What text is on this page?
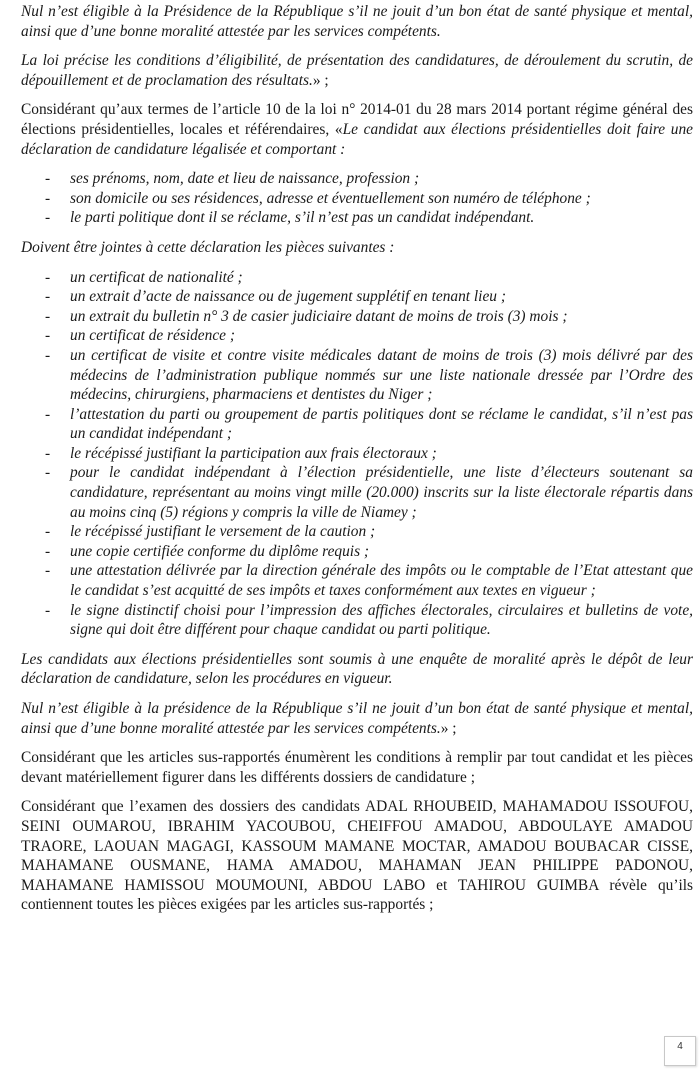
Nul n’est éligible à la Présidence de la République s’il ne jouit d’un bon état de santé physique et mental, ainsi que d’une bonne moralité attestée par les services compétents.

La loi précise les conditions d’éligibilité, de présentation des candidatures, de déroulement du scrutin, de dépouillement et de proclamation des résultats.» ;

Considérant qu’aux termes de l’article 10 de la loi n° 2014-01 du 28 mars 2014 portant régime général des élections présidentielles, locales et référendaires, «Le candidat aux élections présidentielles doit faire une déclaration de candidature légalisée et comportant :

- ses prénoms, nom, date et lieu de naissance, profession ;
- son domicile ou ses résidences, adresse et éventuellement son numéro de téléphone ;
- le parti politique dont il se réclame, s’il n’est pas un candidat indépendant.

Doivent être jointes à cette déclaration les pièces suivantes :

- un certificat de nationalité ;
- un extrait d’acte de naissance ou de jugement supplétif en tenant lieu ;
- un extrait du bulletin n° 3 de casier judiciaire datant de moins de trois (3) mois ;
- un certificat de résidence ;
- un certificat de visite et contre visite médicales datant de moins de trois (3) mois délivré par des médecins de l’administration publique nommés sur une liste nationale dressée par l’Ordre des médecins, chirurgiens, pharmaciens et dentistes du Niger ;
- l’attestation du parti ou groupement de partis politiques dont se réclame le candidat, s’il n’est pas un candidat indépendant ;
- le récépissé justifiant la participation aux frais électoraux ;
- pour le candidat indépendant à l’élection présidentielle, une liste d’électeurs soutenant sa candidature, représentant au moins vingt mille (20.000) inscrits sur la liste électorale répartis dans au moins cinq (5) régions y compris la ville de Niamey ;
- le récépissé justifiant le versement de la caution ;
- une copie certifiée conforme du diplôme requis ;
- une attestation délivrée par la direction générale des impôts ou le comptable de l’Etat attestant que le candidat s’est acquitté de ses impôts et taxes conformément aux textes en vigueur ;
- le signe distinctif choisi pour l’impression des affiches électorales, circulaires et bulletins de vote, signe qui doit être différent pour chaque candidat ou parti politique.

Les candidats aux élections présidentielles sont soumis à une enquête de moralité après le dépôt de leur déclaration de candidature, selon les procédures en vigueur.

Nul n’est éligible à la présidence de la République s’il ne jouit d’un bon état de santé physique et mental, ainsi que d’une bonne moralité attestée par les services compétents.» ;

Considérant que les articles sus-rapportés énumèrent les conditions à remplir par tout candidat et les pièces devant matériellement figurer dans les différents dossiers de candidature ;

Considérant que l’examen des dossiers des candidats ADAL RHOUBEID, MAHAMADOU ISSOUFOU, SEINI OUMAROU, IBRAHIM YACOUBOU, CHEIFFOU AMADOU, ABDOULAYE AMADOU TRAORE, LAOUAN MAGAGI, KASSOUM MAMANE MOCTAR, AMADOU BOUBACAR CISSE, MAHAMANE OUSMANE, HAMA AMADOU, MAHAMAN JEAN PHILIPPE PADONOU, MAHAMANE HAMISSOU MOUMOUNI, ABDOU LABO et TAHIROU GUIMBA révèle qu’ils contiennent toutes les pièces exigées par les articles sus-rapportés ;

4
